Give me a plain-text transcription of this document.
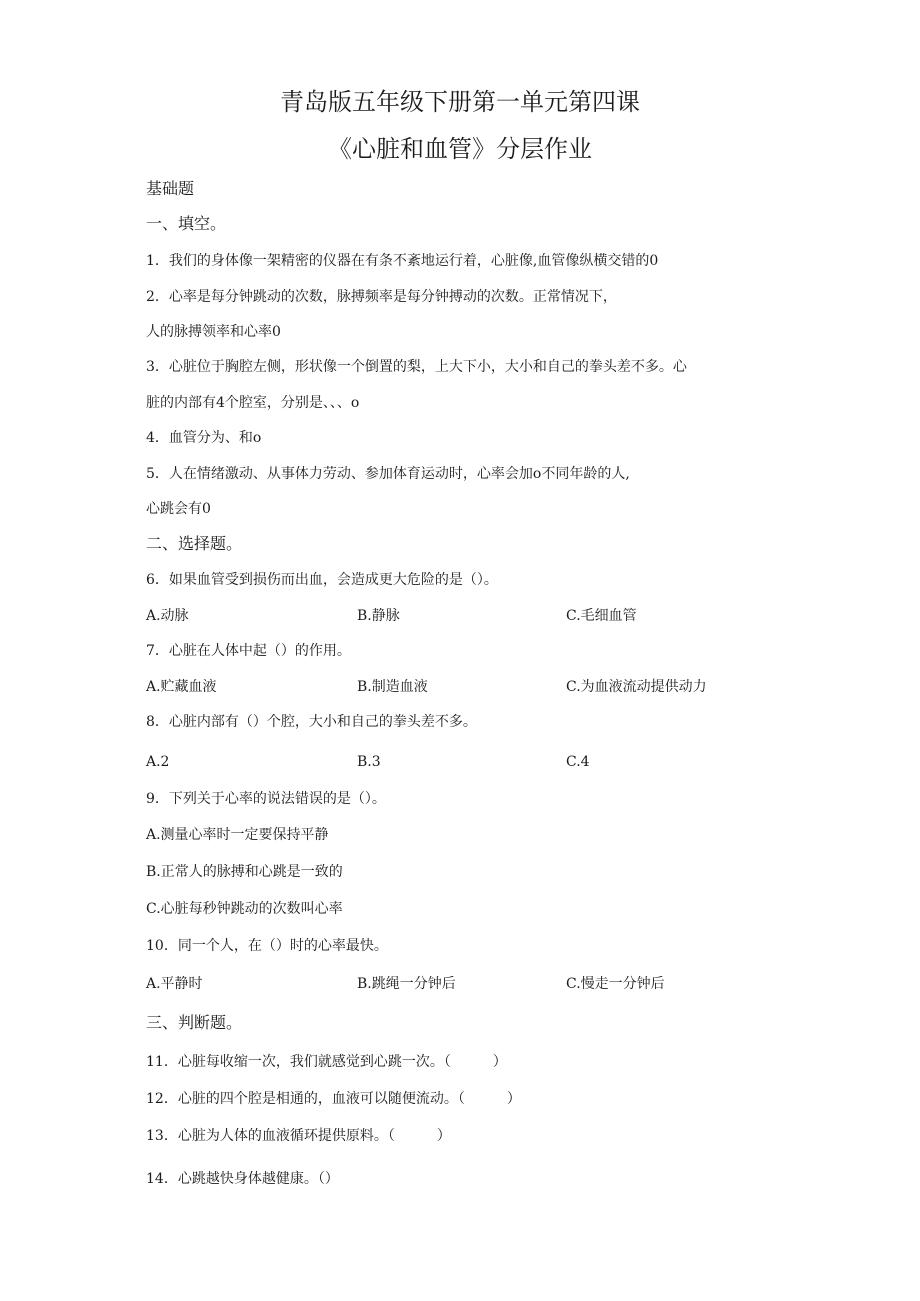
青岛版五年级下册第一单元第四课
《心脏和血管》分层作业
基础题
一、填空。
1．我们的身体像一架精密的仪器在有条不紊地运行着，心脏像,血管像纵横交错的0
2．心率是每分钟跳动的次数，脉搏频率是每分钟搏动的次数。正常情况下，
人的脉搏领率和心率0
3．心脏位于胸腔左侧，形状像一个倒置的梨，上大下小，大小和自己的拳头差不多。心
脏的内部有4个腔室，分别是、、、o
4．血管分为、和o
5．人在情绪激动、从事体力劳动、参加体育运动时，心率会加o不同年龄的人,
心跳会有0
二、选择题。
6．如果血管受到损伤而出血，会造成更大危险的是（）。
A.动脉	B.静脉	C.毛细血管
7．心脏在人体中起（）的作用。
A.贮藏血液	B.制造血液	C.为血液流动提供动力
8．心脏内部有（）个腔，大小和自己的拳头差不多。
A.2	B.3	C.4
9．下列关于心率的说法错误的是（）。
A.测量心率时一定要保持平静
B.正常人的脉搏和心跳是一致的
C.心脏每秒钟跳动的次数叫心率
10．同一个人，在（）时的心率最快。
A.平静时	B.跳绳一分钟后	C.慢走一分钟后
三、判断题。
11．心脏每收缩一次，我们就感觉到心跳一次。（　　　）
12．心脏的四个腔是相通的，血液可以随便流动。（　　　）
13．心脏为人体的血液循环提供原料。（　　　）
14．心跳越快身体越健康。（）
